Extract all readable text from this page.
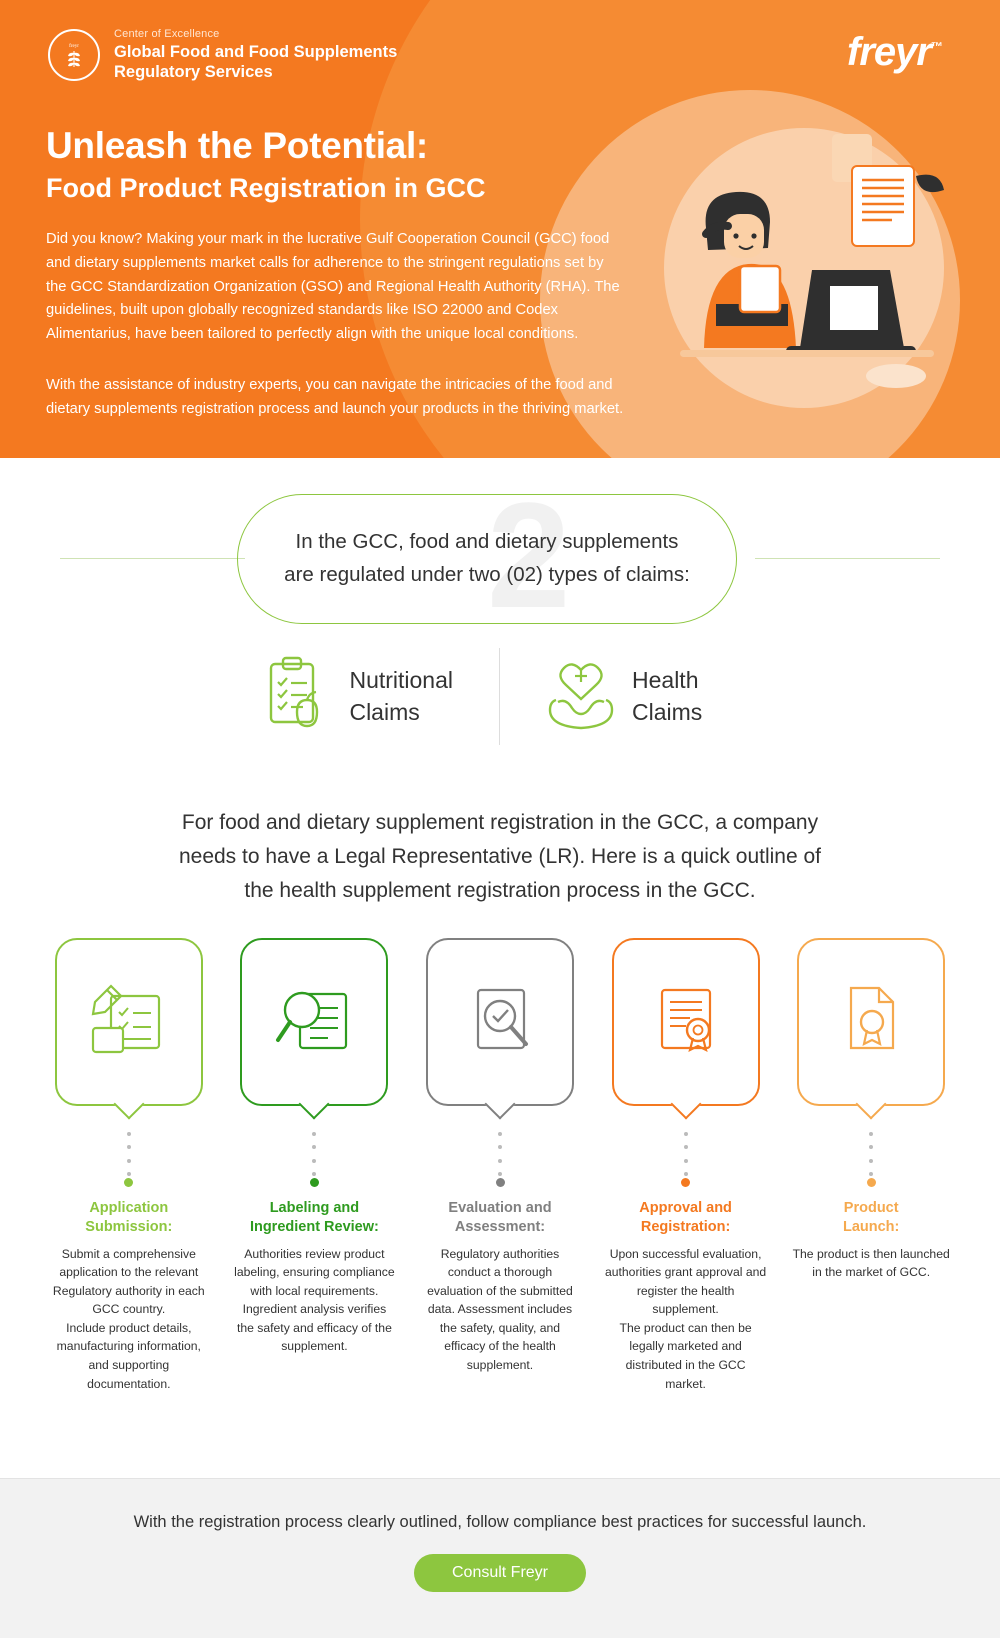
freyr
Center of Excellence
Global Food and Food Supplements
Regulatory Services	freyr™
Unleash the Potential:
Food Product Registration in GCC
Did you know? Making your mark in the lucrative Gulf Cooperation Council (GCC) food and dietary supplements market calls for adherence to the stringent regulations set by the GCC Standardization Organization (GSO) and Regional Health Authority (RHA). The guidelines, built upon globally recognized standards like ISO 22000 and Codex Alimentarius, have been tailored to perfectly align with the unique local conditions.
With the assistance of industry experts, you can navigate the intricacies of the food and dietary supplements registration process and launch your products in the thriving market.
2
In the GCC, food and dietary supplements
are regulated under two (02) types of claims:
Nutritional
Claims
Health
Claims
For food and dietary supplement registration in the GCC, a company
needs to have a Legal Representative (LR). Here is a quick outline of
the health supplement registration process in the GCC.
Application
Submission:
Submit a comprehensive application to the relevant Regulatory authority in each GCC country.
Include product details, manufacturing information, and supporting documentation.
Labeling and
Ingredient Review:
Authorities review product labeling, ensuring compliance with local requirements. Ingredient analysis verifies the safety and efficacy of the supplement.
Evaluation and
Assessment:
Regulatory authorities conduct a thorough evaluation of the submitted data. Assessment includes the safety, quality, and efficacy of the health supplement.
Approval and
Registration:
Upon successful evaluation, authorities grant approval and register the health supplement.
The product can then be legally marketed and distributed in the GCC market.
Product
Launch:
The product is then launched in the market of GCC.
With the registration process clearly outlined, follow compliance best practices for successful launch.
Consult Freyr
